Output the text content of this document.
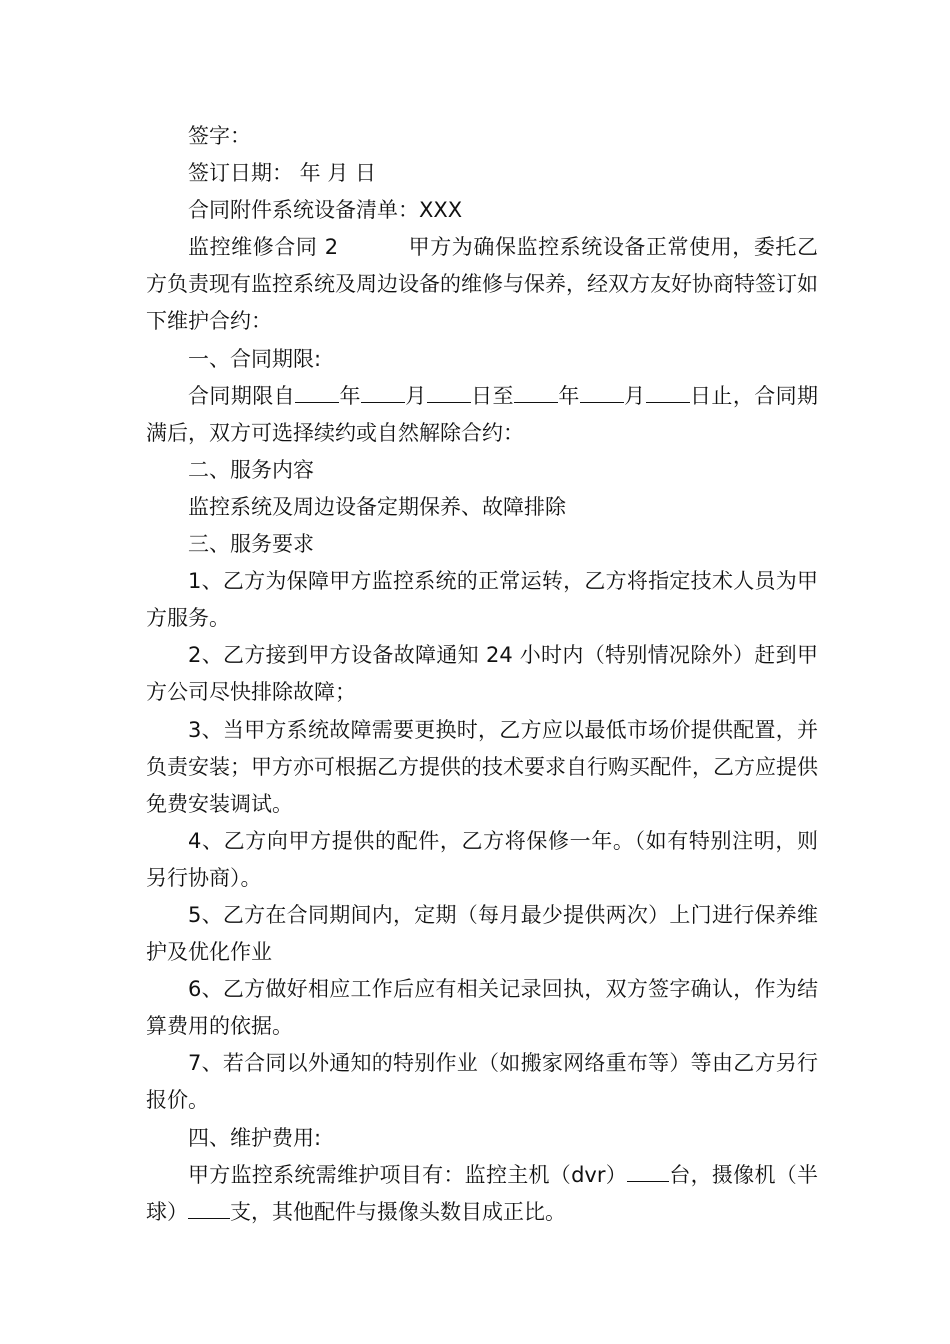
签字：

签订日期： 年 月 日

合同附件系统设备清单：XXX

监控维修合同 2	甲方为确保监控系统设备正常使用，委托乙方负责现有监控系统及周边设备的维修与保养，经双方友好协商特签订如下维护合约：

一、合同期限:

合同期限自 年 月 日至 年 月 日止，合同期满后，双方可选择续约或自然解除合约：

二、服务内容

监控系统及周边设备定期保养、故障排除

三、服务要求

1、乙方为保障甲方监控系统的正常运转，乙方将指定技术人员为甲方服务。

2、乙方接到甲方设备故障通知 24 小时内（特别情况除外）赶到甲方公司尽快排除故障；

3、当甲方系统故障需要更换时，乙方应以最低市场价提供配置，并负责安装；甲方亦可根据乙方提供的技术要求自行购买配件，乙方应提供免费安装调试。

4、乙方向甲方提供的配件，乙方将保修一年。（如有特别注明，则另行协商）。

5、乙方在合同期间内，定期（每月最少提供两次）上门进行保养维护及优化作业

6、乙方做好相应工作后应有相关记录回执，双方签字确认，作为结算费用的依据。

7、若合同以外通知的特别作业（如搬家网络重布等）等由乙方另行报价。

四、维护费用:

甲方监控系统需维护项目有：监控主机（dvr） 台，摄像机（半球） 支，其他配件与摄像头数目成正比。
